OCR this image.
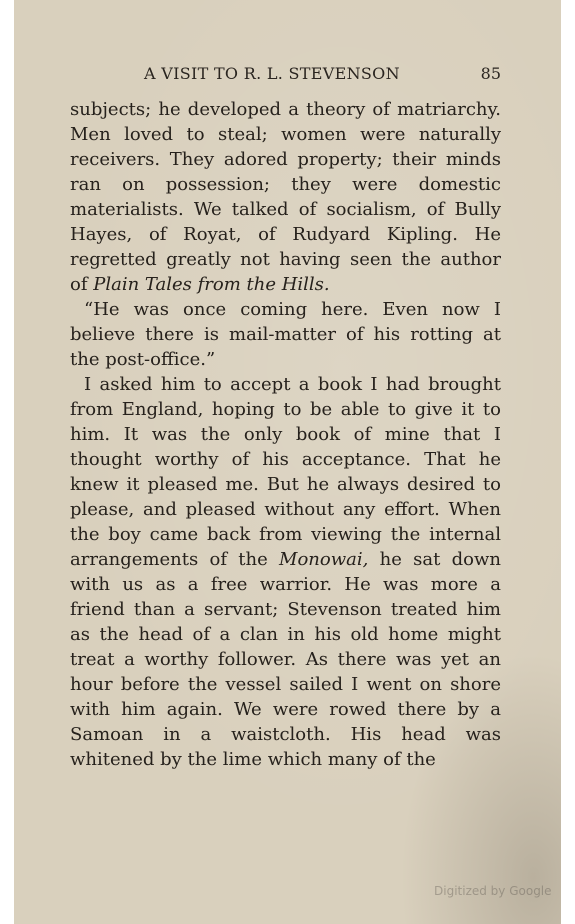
A VISIT TO R. L. STEVENSON	85

subjects; he developed a theory of matriarchy. Men loved to steal; women were naturally receivers. They adored property; their minds ran on possession; they were domestic materialists. We talked of socialism, of Bully Hayes, of Royat, of Rudyard Kipling. He regretted greatly not having seen the author of Plain Tales from the Hills.

“He was once coming here. Even now I believe there is mail-matter of his rotting at the post-office.”

I asked him to accept a book I had brought from England, hoping to be able to give it to him. It was the only book of mine that I thought worthy of his acceptance. That he knew it pleased me. But he always desired to please, and pleased without any effort. When the boy came back from viewing the internal arrangements of the Monowai, he sat down with us as a free warrior. He was more a friend than a servant; Stevenson treated him as the head of a clan in his old home might treat a worthy follower. As there was yet an hour before the vessel sailed I went on shore with him again. We were rowed there by a Samoan in a waistcloth. His head was whitened by the lime which many of the

Digitized by Google
